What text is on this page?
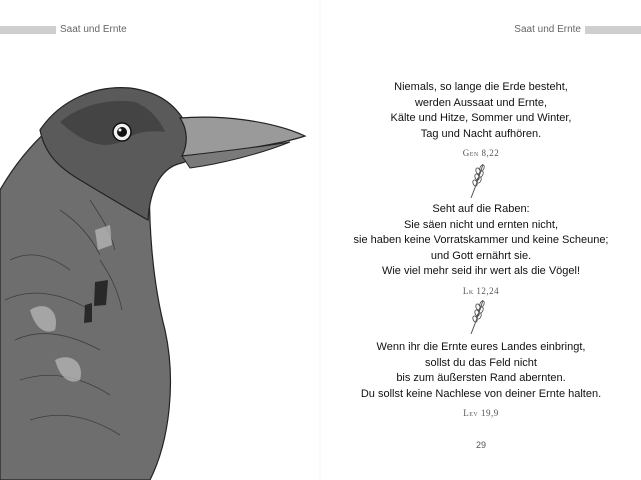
Saat und Ernte	Saat und Ernte
Niemals, so lange die Erde besteht,
werden Aussaat und Ernte,
Kälte und Hitze, Sommer und Winter,
Tag und Nacht aufhören.
Gen 8,22
Seht auf die Raben:
Sie säen nicht und ernten nicht,
sie haben keine Vorratskammer und keine Scheune;
und Gott ernährt sie.
Wie viel mehr seid ihr wert als die Vögel!
Lk 12,24
Wenn ihr die Ernte eures Landes einbringt,
sollst du das Feld nicht
bis zum äußersten Rand abernten.
Du sollst keine Nachlese von deiner Ernte halten.
Lev 19,9
29
